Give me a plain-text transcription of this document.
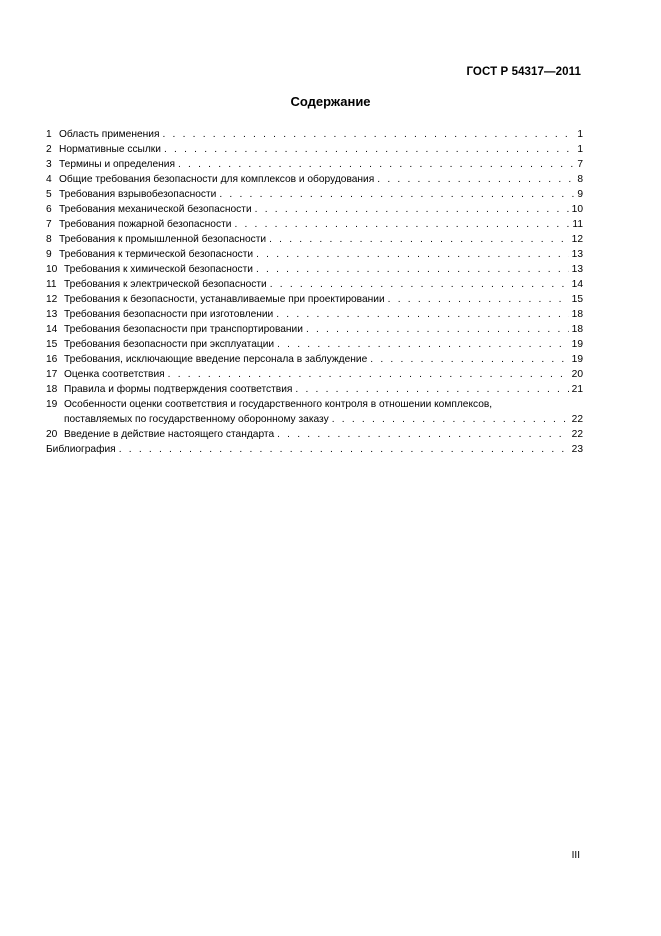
ГОСТ Р 54317—2011
Содержание
1 Область применения . . .	1
2 Нормативные ссылки . . .	1
3 Термины и определения . . .	7
4 Общие требования безопасности для комплексов и оборудования . . .	8
5 Требования взрывобезопасности . . .	9
6 Требования механической безопасности . . .	10
7 Требования пожарной безопасности . . .	11
8 Требования к промышленной безопасности . . .	12
9 Требования к термической безопасности . . .	13
10 Требования к химической безопасности . . .	13
11 Требования к электрической безопасности . . .	14
12 Требования к безопасности, устанавливаемые при проектировании . . .	15
13 Требования безопасности при изготовлении . . .	18
14 Требования безопасности при транспортировании . . .	18
15 Требования безопасности при эксплуатации . . .	19
16 Требования, исключающие введение персонала в заблуждение . . .	19
17 Оценка соответствия . . .	20
18 Правила и формы подтверждения соответствия . . .	21
19 Особенности оценки соответствия и государственного контроля в отношении комплексов,
поставляемых по государственному оборонному заказу . . .	22
20 Введение в действие настоящего стандарта . . .	22
Библиография . . .	23
III
